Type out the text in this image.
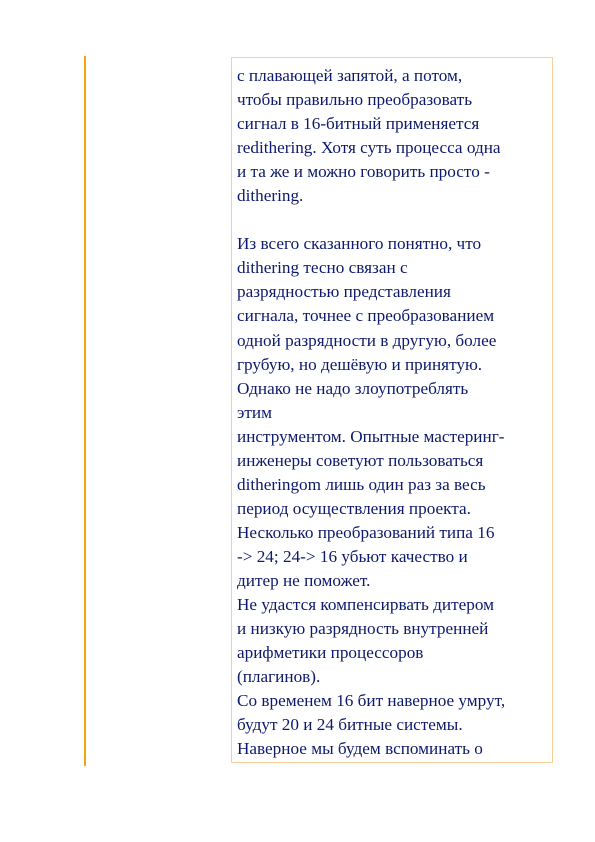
с плавающей запятой, а потом,
чтобы правильно преобразовать
сигнал в 16-битный применяется
redithering. Хотя суть процесса одна
и та же и можно говорить просто -
dithering.
Из всего сказанного понятно, что
dithering тесно связан с
разрядностью представления
сигнала, точнее с преобразованием
одной разрядности в другую, более
грубую, но дешёвую и принятую.
Однако не надо злоупотреблять
этим
инструментом. Опытные мастеринг-
инженеры советуют пользоваться
ditheringom лишь один раз за весь
период осуществления проекта.
Несколько преобразований типа 16
-> 24; 24-> 16 убьют качество и
дитер не поможет.
Не удастся компенсирвать дитером
и низкую разрядность внутренней
арифметики процессоров
(плагинов).
Со временем 16 бит наверное умрут,
будут 20 и 24 битные системы.
Наверное мы будем вспоминать о
